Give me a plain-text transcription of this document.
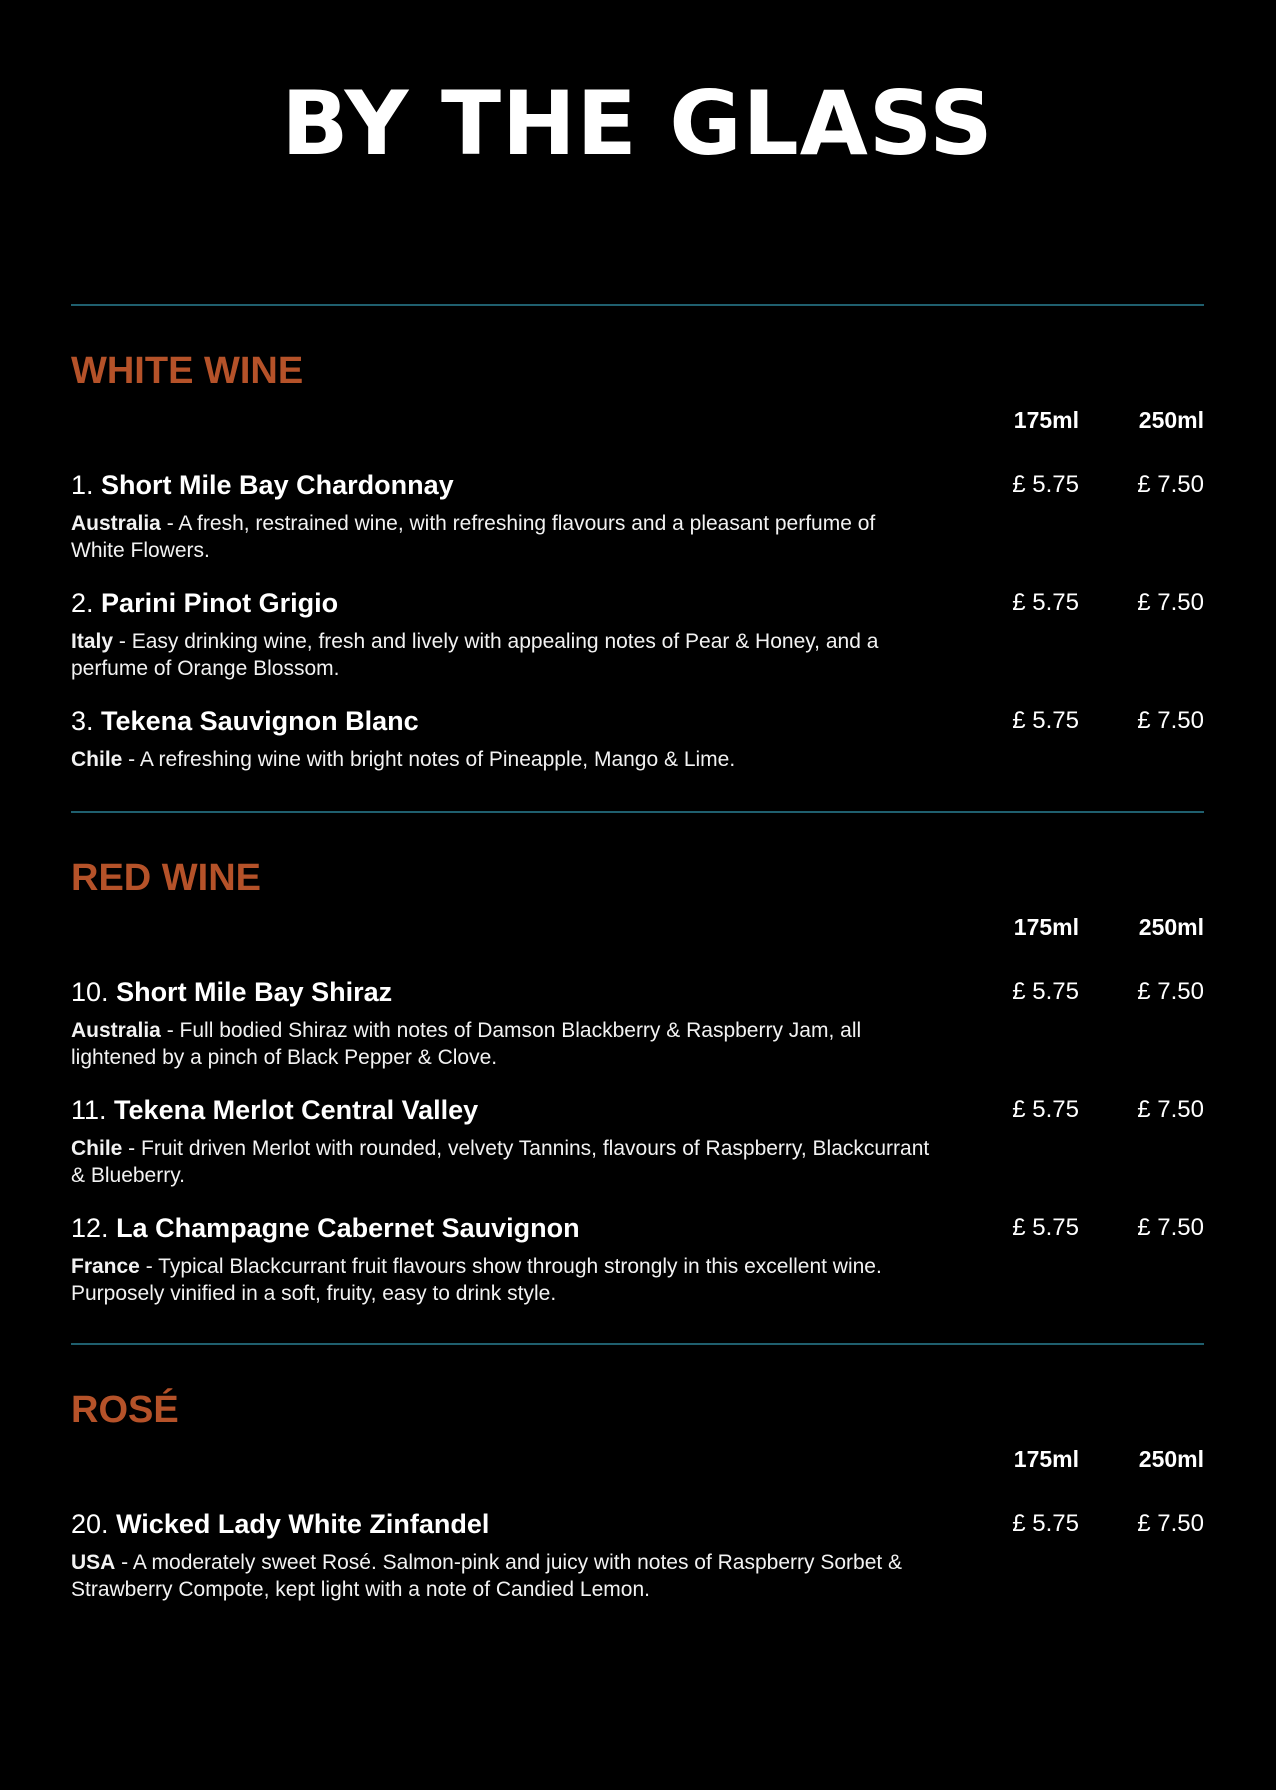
BY THE GLASS
WHITE WINE
175ml	250ml
1. Short Mile Bay Chardonnay	£ 5.75 £ 7.50
Australia - A fresh, restrained wine, with refreshing flavours and a pleasant perfume of White Flowers.
2. Parini Pinot Grigio	£ 5.75 £ 7.50
Italy - Easy drinking wine, fresh and lively with appealing notes of Pear & Honey, and a perfume of Orange Blossom.
3. Tekena Sauvignon Blanc	£ 5.75 £ 7.50
Chile - A refreshing wine with bright notes of Pineapple, Mango & Lime.
RED WINE
175ml	250ml
10. Short Mile Bay Shiraz	£ 5.75 £ 7.50
Australia - Full bodied Shiraz with notes of Damson Blackberry & Raspberry Jam, all lightened by a pinch of Black Pepper & Clove.
11. Tekena Merlot Central Valley	£ 5.75 £ 7.50
Chile - Fruit driven Merlot with rounded, velvety Tannins, flavours of Raspberry, Blackcurrant & Blueberry.
12. La Champagne Cabernet Sauvignon	£ 5.75 £ 7.50
France - Typical Blackcurrant fruit flavours show through strongly in this excellent wine. Purposely vinified in a soft, fruity, easy to drink style.
ROSÉ
175ml	250ml
20. Wicked Lady White Zinfandel	£ 5.75 £ 7.50
USA - A moderately sweet Rosé. Salmon-pink and juicy with notes of Raspberry Sorbet & Strawberry Compote, kept light with a note of Candied Lemon.
